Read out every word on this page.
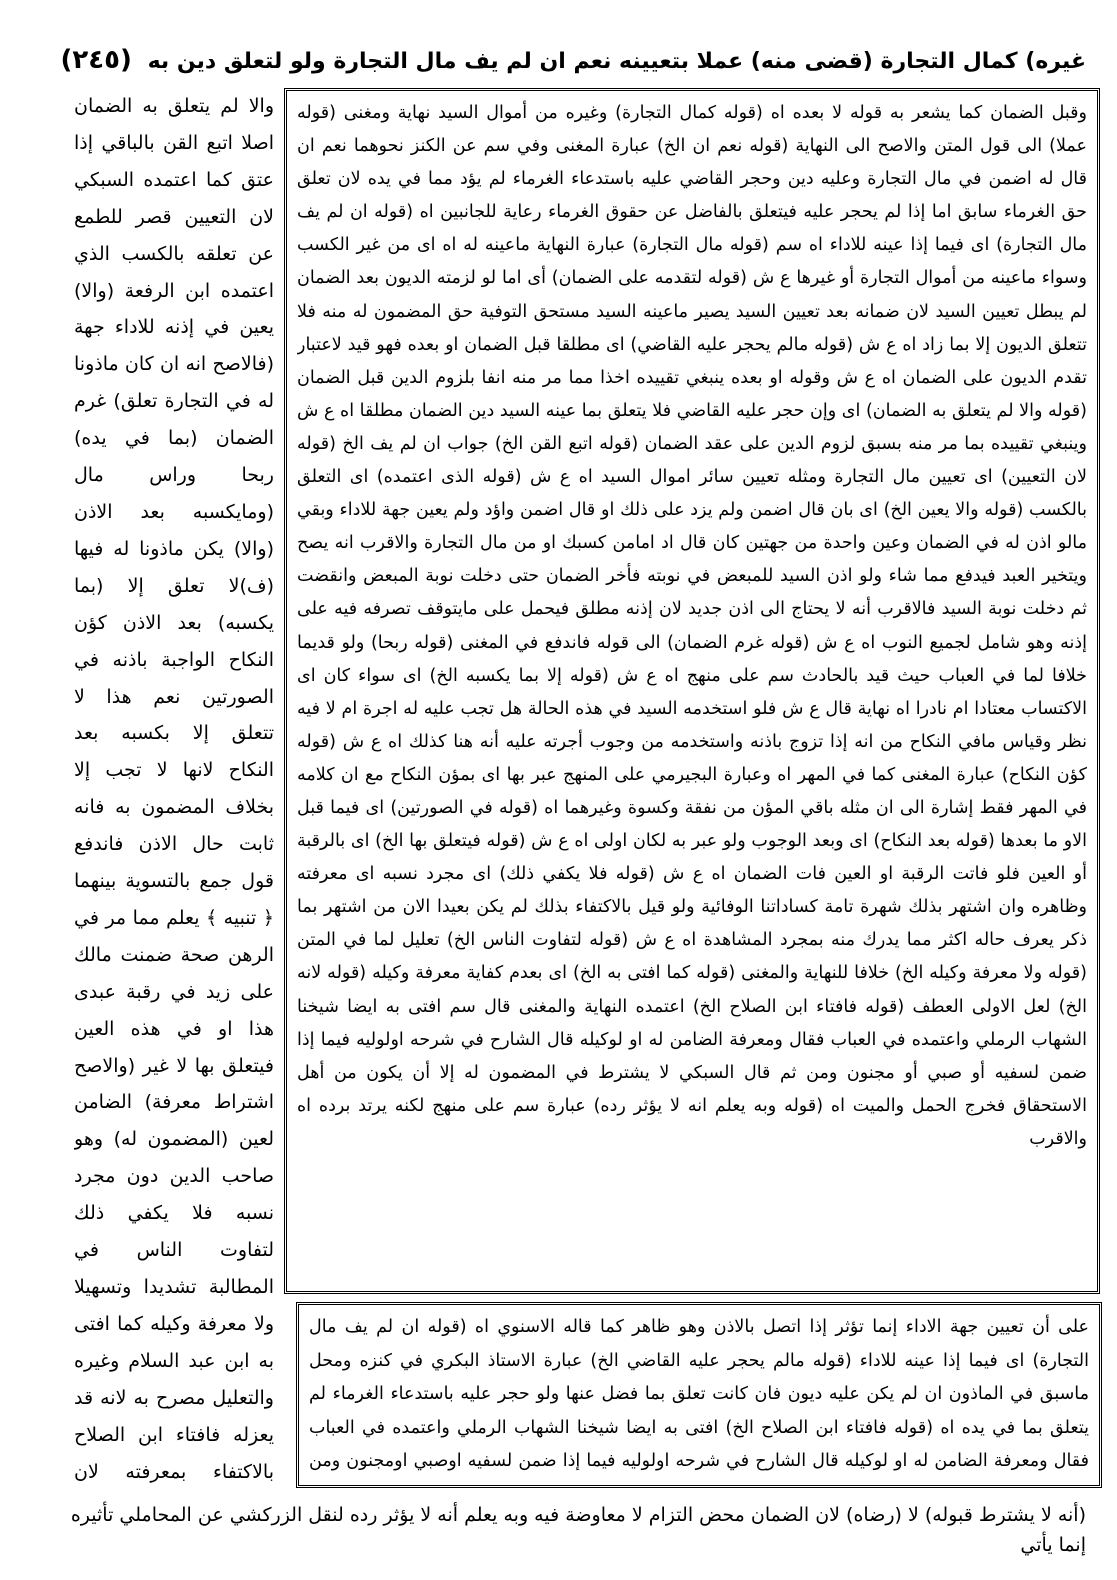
غيره) كمال التجارة (قضى منه) عملا بتعيينه نعم ان لم يف مال التجارة ولو لتعلق دين به (٢٤٥)

والا لم يتعلق به الضمان اصلا اتبع القن بالباقي إذا عتق كما اعتمده السبكي لان التعيين قصر للطمع عن تعلقه بالكسب الذي اعتمده ابن الرفعة (والا) يعين في إذنه للاداء جهة (فالاصح انه ان كان ماذونا له في التجارة تعلق) غرم الضمان (بما في يده) ربحا وراس مال (ومايكسبه بعد الاذن (والا) يكن ماذونا له فيها (ف)لا تعلق إلا (بما يكسبه) بعد الاذن كؤن النكاح الواجبة باذنه في الصورتين نعم هذا لا تتعلق إلا بكسبه بعد النكاح لانها لا تجب إلا بخلاف المضمون به فانه ثابت حال الاذن فاندفع قول جمع بالتسوية بينهما ﴿ تنبيه ﴾ يعلم مما مر في الرهن صحة ضمنت مالك على زيد في رقبة عبدى هذا او في هذه العين فيتعلق بها لا غير (والاصح اشتراط معرفة) الضامن لعين (المضمون له) وهو صاحب الدين دون مجرد نسبه فلا يكفي ذلك لتفاوت الناس في المطالبة تشديدا وتسهيلا ولا معرفة وكيله كما افتى به ابن عبد السلام وغيره والتعليل مصرح به لانه قد يعزله فافتاء ابن الصلاح بالاكتفاء بمعرفته لان

وقبل الضمان كما يشعر به قوله لا بعده اه (قوله كمال التجارة) وغيره من أموال السيد نهاية ومغنى (قوله عملا) الى قول المتن والاصح الى النهاية (قوله نعم ان الخ) عبارة المغنى وفي سم عن الكنز نحوهما نعم ان قال له اضمن في مال التجارة وعليه دين وحجر القاضي عليه باستدعاء الغرماء لم يؤد مما في يده لان تعلق حق الغرماء سابق اما إذا لم يحجر عليه فيتعلق بالفاضل عن حقوق الغرماء رعاية للجانبين اه (قوله ان لم يف مال التجارة) اى فيما إذا عينه للاداء اه سم (قوله مال التجارة) عبارة النهاية ماعينه له اه اى من غير الكسب وسواء ماعينه من أموال التجارة أو غيرها ع ش (قوله لتقدمه على الضمان) أى اما لو لزمته الديون بعد الضمان لم يبطل تعيين السيد لان ضمانه بعد تعيين السيد يصير ماعينه السيد مستحق التوفية حق المضمون له منه فلا تتعلق الديون إلا بما زاد اه ع ش (قوله مالم يحجر عليه القاضي) اى مطلقا قبل الضمان او بعده فهو قيد لاعتبار تقدم الديون على الضمان اه ع ش وقوله او بعده ينبغي تقييده اخذا مما مر منه انفا بلزوم الدين قبل الضمان (قوله والا لم يتعلق به الضمان) اى وإن حجر عليه القاضي فلا يتعلق بما عينه السيد دين الضمان مطلقا اه ع ش وينبغي تقييده بما مر منه بسبق لزوم الدين على عقد الضمان (قوله اتبع القن الخ) جواب ان لم يف الخ (قوله لان التعيين) اى تعيين مال التجارة ومثله تعيين سائر اموال السيد اه ع ش (قوله الذى اعتمده) اى التعلق بالكسب (قوله والا يعين الخ) اى بان قال اضمن ولم يزد على ذلك او قال اضمن واؤد ولم يعين جهة للاداء وبقي مالو اذن له في الضمان وعين واحدة من جهتين كان قال اد امامن كسبك او من مال التجارة والاقرب انه يصح ويتخير العبد فيدفع مما شاء ولو اذن السيد للمبعض في نوبته فأخر الضمان حتى دخلت نوبة المبعض وانقضت ثم دخلت نوبة السيد فالاقرب أنه لا يحتاج الى اذن جديد لان إذنه مطلق فيحمل على مايتوقف تصرفه فيه على إذنه وهو شامل لجميع النوب اه ع ش (قوله غرم الضمان) الى قوله فاندفع في المغنى (قوله ربحا) ولو قديما خلافا لما في العباب حيث قيد بالحادث سم على منهج اه ع ش (قوله إلا بما يكسبه الخ) اى سواء كان اى الاكتساب معتادا ام نادرا اه نهاية قال ع ش فلو استخدمه السيد في هذه الحالة هل تجب عليه له اجرة ام لا فيه نظر وقياس مافي النكاح من انه إذا تزوج باذنه واستخدمه من وجوب أجرته عليه أنه هنا كذلك اه ع ش (قوله كؤن النكاح) عبارة المغنى كما في المهر اه وعبارة البجيرمي على المنهج عبر بها اى بمؤن النكاح مع ان كلامه في المهر فقط إشارة الى ان مثله باقي المؤن من نفقة وكسوة وغيرهما اه (قوله في الصورتين) اى فيما قبل الاو ما بعدها (قوله بعد النكاح) اى وبعد الوجوب ولو عبر به لكان اولى اه ع ش (قوله فيتعلق بها الخ) اى بالرقبة أو العين فلو فاتت الرقبة او العين فات الضمان اه ع ش (قوله فلا يكفي ذلك) اى مجرد نسبه اى معرفته وظاهره وان اشتهر بذلك شهرة تامة كساداتنا الوفائية ولو قيل بالاكتفاء بذلك لم يكن بعيدا الان من اشتهر بما ذكر يعرف حاله اكثر مما يدرك منه بمجرد المشاهدة اه ع ش (قوله لتفاوت الناس الخ) تعليل لما في المتن (قوله ولا معرفة وكيله الخ) خلافا للنهاية والمغنى (قوله كما افتى به الخ) اى بعدم كفاية معرفة وكيله (قوله لانه الخ) لعل الاولى العطف (قوله فافتاء ابن الصلاح الخ) اعتمده النهاية والمغنى قال سم افتى به ايضا شيخنا الشهاب الرملي واعتمده في العباب فقال ومعرفة الضامن له او لوكيله قال الشارح في شرحه اولوليه فيما إذا ضمن لسفيه أو صبي أو مجنون ومن ثم قال السبكي لا يشترط في المضمون له إلا أن يكون من أهل الاستحقاق فخرج الحمل والميت اه (قوله وبه يعلم انه لا يؤثر رده) عبارة سم على منهج لكنه يرتد برده اه والاقرب

على أن تعيين جهة الاداء إنما تؤثر إذا اتصل بالاذن وهو ظاهر كما قاله الاسنوي اه (قوله ان لم يف مال التجارة) اى فيما إذا عينه للاداء (قوله مالم يحجر عليه القاضي الخ) عبارة الاستاذ البكري في كنزه ومحل ماسبق في الماذون ان لم يكن عليه ديون فان كانت تعلق بما فضل عنها ولو حجر عليه باستدعاء الغرماء لم يتعلق بما في يده اه (قوله فافتاء ابن الصلاح الخ) افتى به ايضا شيخنا الشهاب الرملي واعتمده في العباب فقال ومعرفة الضامن له او لوكيله قال الشارح في شرحه اولوليه فيما إذا ضمن لسفيه اوصبي اومجنون ومن

(أنه لا يشترط قبوله) لا (رضاه) لان الضمان محض التزام لا معاوضة فيه وبه يعلم أنه لا يؤثر رده لنقل الزركشي عن المحاملي تأثيره إنما يأتي
